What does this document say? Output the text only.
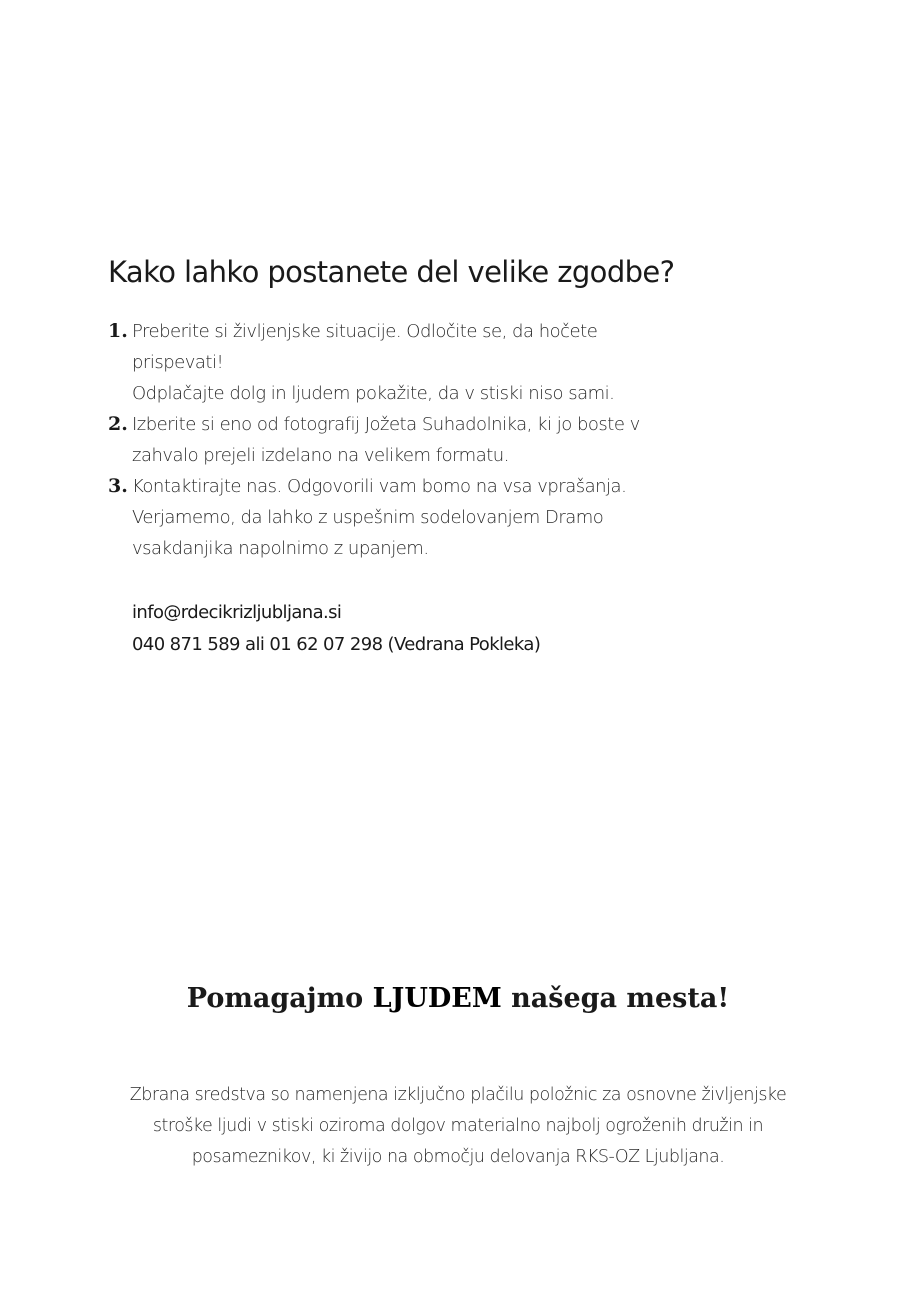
Kako lahko postanete del velike zgodbe?
1. Preberite si življenjske situacije. Odločite se, da hočete
prispevati!
Odplačajte dolg in ljudem pokažite, da v stiski niso sami.
2. Izberite si eno od fotografij Jožeta Suhadolnika, ki jo boste v
zahvalo prejeli izdelano na velikem formatu.
3. Kontaktirajte nas. Odgovorili vam bomo na vsa vprašanja.
Verjamemo, da lahko z uspešnim sodelovanjem Dramo
vsakdanjika napolnimo z upanjem.
info@rdecikrizljubljana.si
040 871 589 ali 01 62 07 298 (Vedrana Pokleka)
Pomagajmo LJUDEM našega mesta!

Zbrana sredstva so namenjena izključno plačilu položnic za osnovne življenjske
stroške ljudi v stiski oziroma dolgov materialno najbolj ogroženih družin in
posameznikov, ki živijo na območju delovanja RKS-OZ Ljubljana.
